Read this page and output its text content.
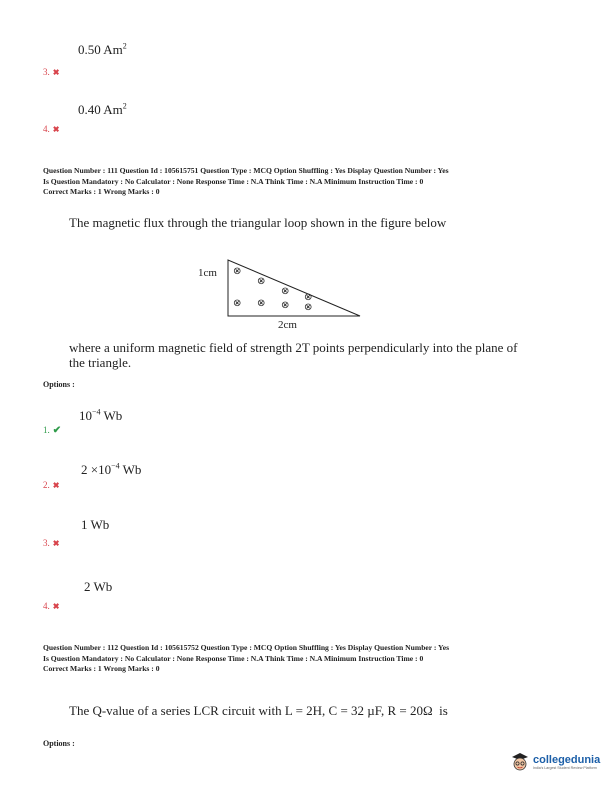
0.50 Am$^2$
3. ✖
0.40 Am$^2$
4. ✖
Question Number : 111 Question Id : 105615751 Question Type : MCQ Option Shuffling : Yes Display Question Number : Yes
Is Question Mandatory : No Calculator : None Response Time : N.A Think Time : N.A Minimum Instruction Time : 0
Correct Marks : 1 Wrong Marks : 0
The magnetic flux through the triangular loop shown in the figure below
1cm
2cm
⊗
⊗
⊗
⊗ ⊗ ⊗
⊗
⊗
where a uniform magnetic field of strength 2T points perpendicularly into the plane of
the triangle.
Options :
$10^{-4}$ Wb
1. ✔
$2 \times 10^{-4}$ Wb
2. ✖
1 Wb
3. ✖
2 Wb
4. ✖
Question Number : 112 Question Id : 105615752 Question Type : MCQ Option Shuffling : Yes Display Question Number : Yes
Is Question Mandatory : No Calculator : None Response Time : N.A Think Time : N.A Minimum Instruction Time : 0
Correct Marks : 1 Wrong Marks : 0
The Q-value of a series LCR circuit with L = 2H, C = 32 µF, R = 20Ω  is
Options :
collegedunia
India's Largest Student Review Platform
